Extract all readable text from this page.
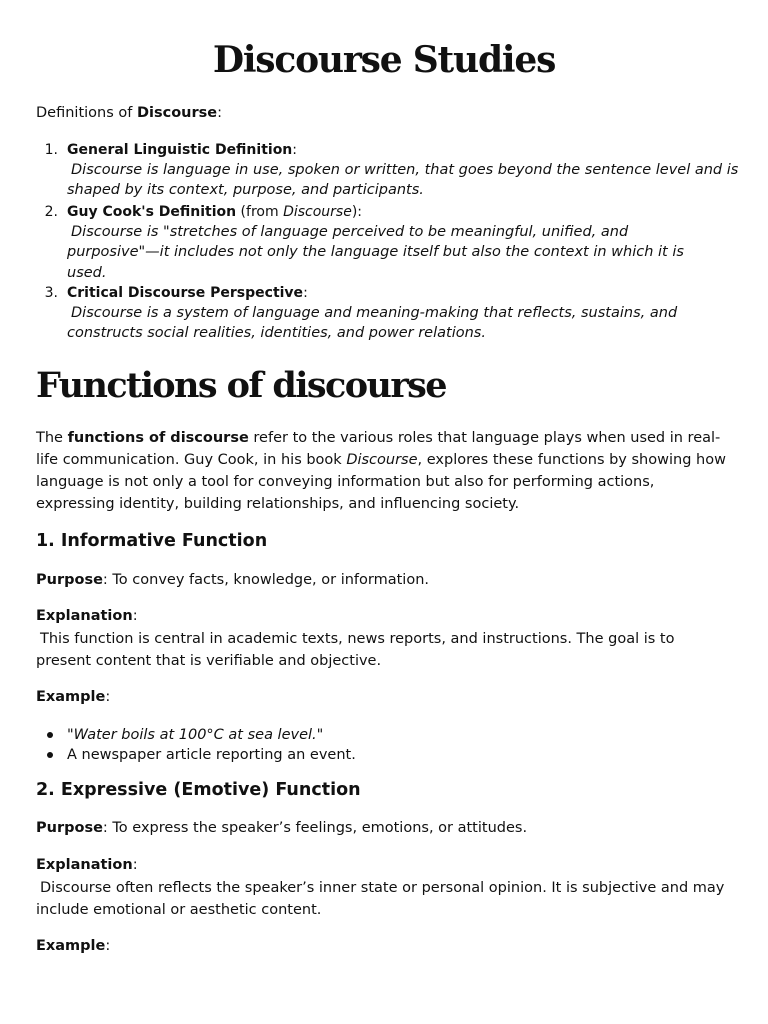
Discourse Studies

Definitions of Discourse:

1. General Linguistic Definition:

Discourse is language in use, spoken or written, that goes beyond the sentence level and is shaped by its context, purpose, and participants.

2. Guy Cook's Definition (from Discourse):

Discourse is "stretches of language perceived to be meaningful, unified, and purposive"—it includes not only the language itself but also the context in which it is used.

3. Critical Discourse Perspective:

Discourse is a system of language and meaning-making that reflects, sustains, and constructs social realities, identities, and power relations.

Functions of discourse

The functions of discourse refer to the various roles that language plays when used in real-life communication. Guy Cook, in his book Discourse, explores these functions by showing how language is not only a tool for conveying information but also for performing actions, expressing identity, building relationships, and influencing society.

1. Informative Function

Purpose: To convey facts, knowledge, or information.

Explanation:

This function is central in academic texts, news reports, and instructions. The goal is to present content that is verifiable and objective.

Example:

"Water boils at 100°C at sea level."

A newspaper article reporting an event.

2. Expressive (Emotive) Function

Purpose: To express the speaker’s feelings, emotions, or attitudes.

Explanation:

Discourse often reflects the speaker’s inner state or personal opinion. It is subjective and may include emotional or aesthetic content.

Example:
